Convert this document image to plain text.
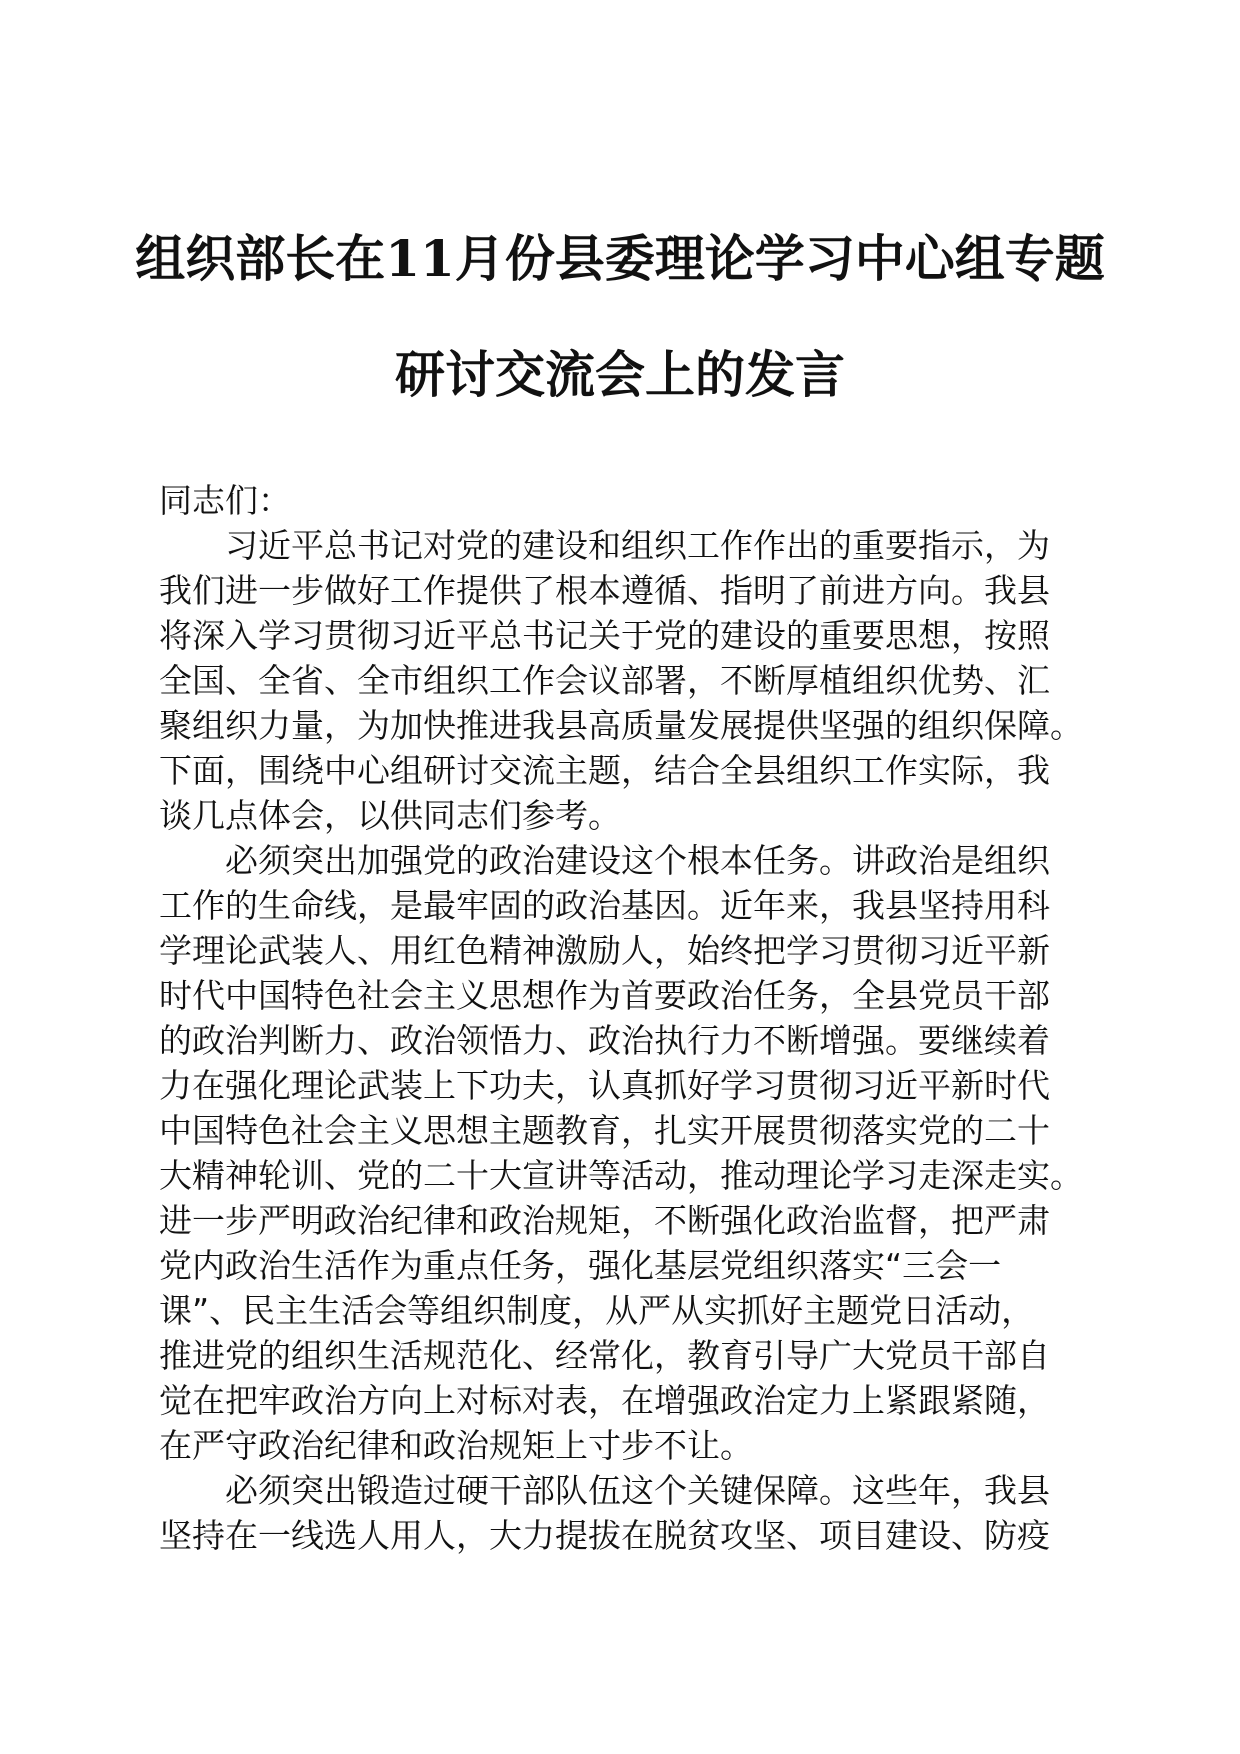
组织部长在11月份县委理论学习中心组专题
研讨交流会上的发言

同志们：

　　习近平总书记对党的建设和组织工作作出的重要指示，为
我们进一步做好工作提供了根本遵循、指明了前进方向。我县
将深入学习贯彻习近平总书记关于党的建设的重要思想，按照
全国、全省、全市组织工作会议部署，不断厚植组织优势、汇
聚组织力量，为加快推进我县高质量发展提供坚强的组织保障。
下面，围绕中心组研讨交流主题，结合全县组织工作实际，我
谈几点体会，以供同志们参考。
　　必须突出加强党的政治建设这个根本任务。讲政治是组织
工作的生命线，是最牢固的政治基因。近年来，我县坚持用科
学理论武装人、用红色精神激励人，始终把学习贯彻习近平新
时代中国特色社会主义思想作为首要政治任务，全县党员干部
的政治判断力、政治领悟力、政治执行力不断增强。要继续着
力在强化理论武装上下功夫，认真抓好学习贯彻习近平新时代
中国特色社会主义思想主题教育，扎实开展贯彻落实党的二十
大精神轮训、党的二十大宣讲等活动，推动理论学习走深走实。
进一步严明政治纪律和政治规矩，不断强化政治监督，把严肃
党内政治生活作为重点任务，强化基层党组织落实“三会一
课”、民主生活会等组织制度，从严从实抓好主题党日活动，
推进党的组织生活规范化、经常化，教育引导广大党员干部自
觉在把牢政治方向上对标对表，在增强政治定力上紧跟紧随，
在严守政治纪律和政治规矩上寸步不让。
　　必须突出锻造过硬干部队伍这个关键保障。这些年，我县
坚持在一线选人用人，大力提拔在脱贫攻坚、项目建设、防疫
